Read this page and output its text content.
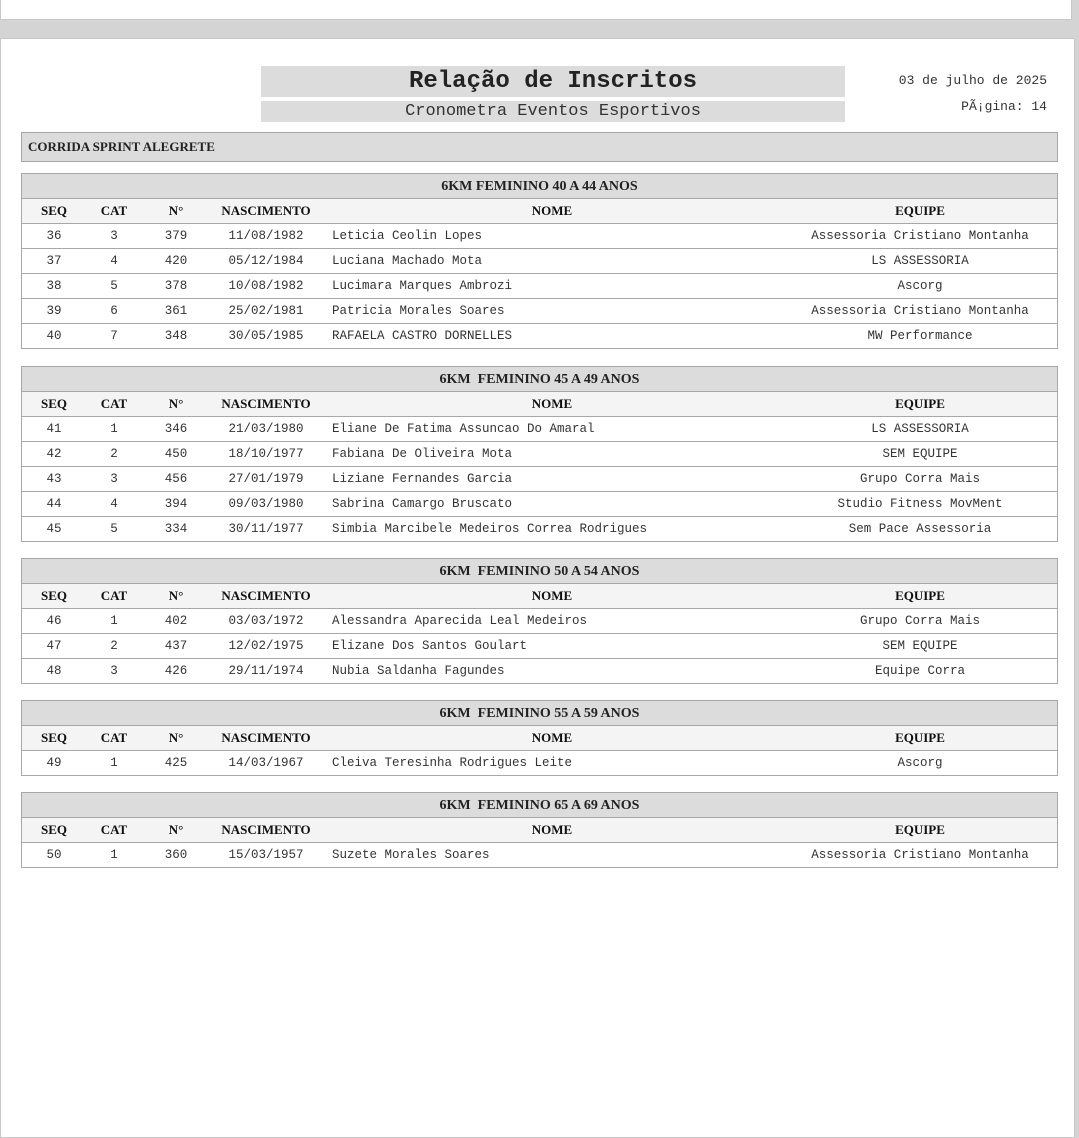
Relação de Inscritos
Cronometra Eventos Esportivos
03 de julho de 2025
PÃ¡gina: 14
CORRIDA SPRINT ALEGRETE
6KM FEMININO 40 A 44 ANOS
SEQ	CAT	N°	NASCIMENTO	NOME	EQUIPE
36	3	379	11/08/1982	Leticia Ceolin Lopes	Assessoria Cristiano Montanha
37	4	420	05/12/1984	Luciana Machado Mota	LS ASSESSORIA
38	5	378	10/08/1982	Lucimara Marques Ambrozi	Ascorg
39	6	361	25/02/1981	Patricia Morales Soares	Assessoria Cristiano Montanha
40	7	348	30/05/1985	RAFAELA CASTRO DORNELLES	MW Performance
6KM  FEMININO 45 A 49 ANOS
SEQ	CAT	N°	NASCIMENTO	NOME	EQUIPE
41	1	346	21/03/1980	Eliane De Fatima Assuncao Do Amaral	LS ASSESSORIA
42	2	450	18/10/1977	Fabiana De Oliveira Mota	SEM EQUIPE
43	3	456	27/01/1979	Liziane Fernandes Garcia	Grupo Corra Mais
44	4	394	09/03/1980	Sabrina Camargo Bruscato	Studio Fitness MovMent
45	5	334	30/11/1977	Simbia Marcibele Medeiros Correa Rodrigues	Sem Pace Assessoria
6KM  FEMININO 50 A 54 ANOS
SEQ	CAT	N°	NASCIMENTO	NOME	EQUIPE
46	1	402	03/03/1972	Alessandra Aparecida Leal Medeiros	Grupo Corra Mais
47	2	437	12/02/1975	Elizane Dos Santos Goulart	SEM EQUIPE
48	3	426	29/11/1974	Nubia Saldanha Fagundes	Equipe Corra
6KM  FEMININO 55 A 59 ANOS
SEQ	CAT	N°	NASCIMENTO	NOME	EQUIPE
49	1	425	14/03/1967	Cleiva Teresinha Rodrigues Leite	Ascorg
6KM  FEMININO 65 A 69 ANOS
SEQ	CAT	N°	NASCIMENTO	NOME	EQUIPE
50	1	360	15/03/1957	Suzete Morales Soares	Assessoria Cristiano Montanha
